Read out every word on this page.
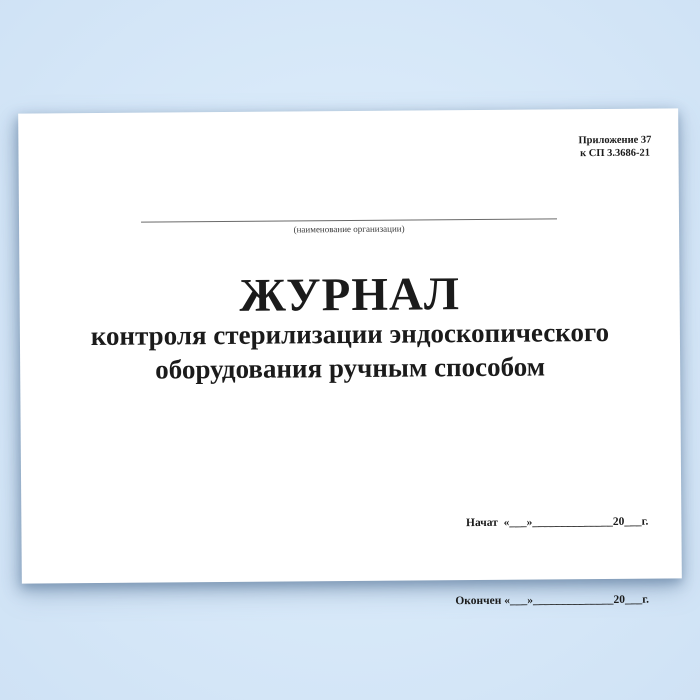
Приложение 37
к СП 3.3686-21
(наименование организации)
ЖУРНАЛ
контроля стерилизации эндоскопического
оборудования ручным способом

Начат  «___»______________20___г.

Окончен «___»______________20___г.
